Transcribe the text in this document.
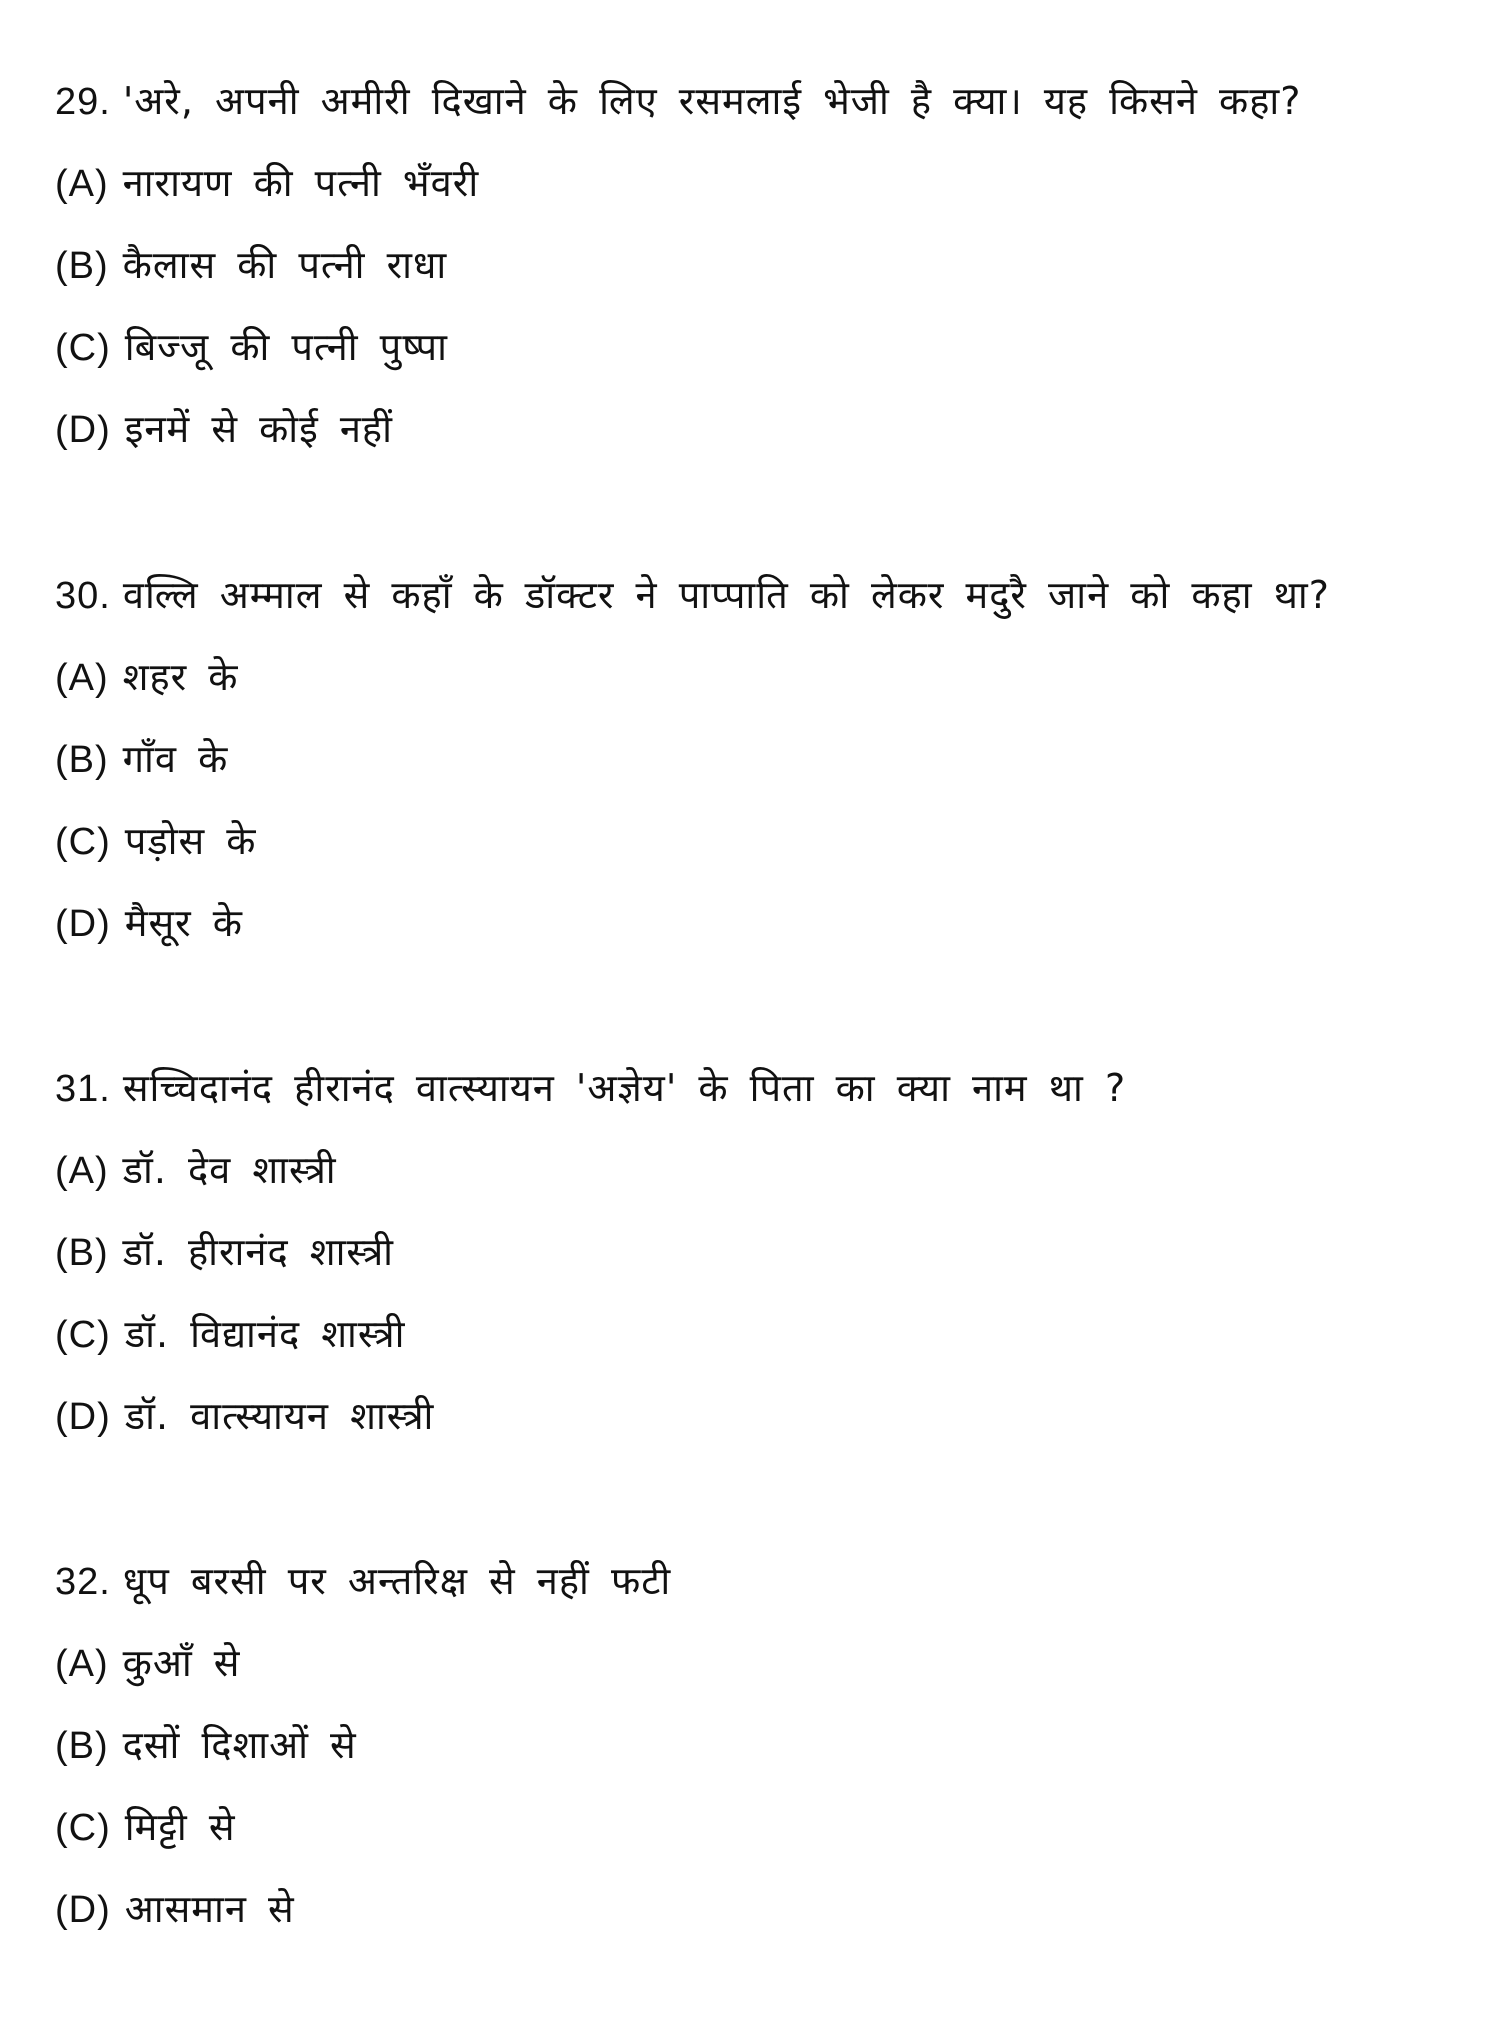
29. 'अरे, अपनी अमीरी दिखाने के लिए रसमलाई भेजी है क्या। यह किसने कहा?
(A) नारायण की पत्नी भँवरी
(B) कैलास की पत्नी राधा
(C) बिज्जू की पत्नी पुष्पा
(D) इनमें से कोई नहीं
30. वल्लि अम्माल से कहाँ के डॉक्टर ने पाप्पाति को लेकर मदुरै जाने को कहा था?
(A) शहर के
(B) गाँव के
(C) पड़ोस के
(D) मैसूर के
31. सच्चिदानंद हीरानंद वात्स्यायन 'अज्ञेय' के पिता का क्या नाम था ?
(A) डॉ. देव शास्त्री
(B) डॉ. हीरानंद शास्त्री
(C) डॉ. विद्यानंद शास्त्री
(D) डॉ. वात्स्यायन शास्त्री
32. धूप बरसी पर अन्तरिक्ष से नहीं फटी
(A) कुआँ से
(B) दसों दिशाओं से
(C) मिट्टी से
(D) आसमान से
